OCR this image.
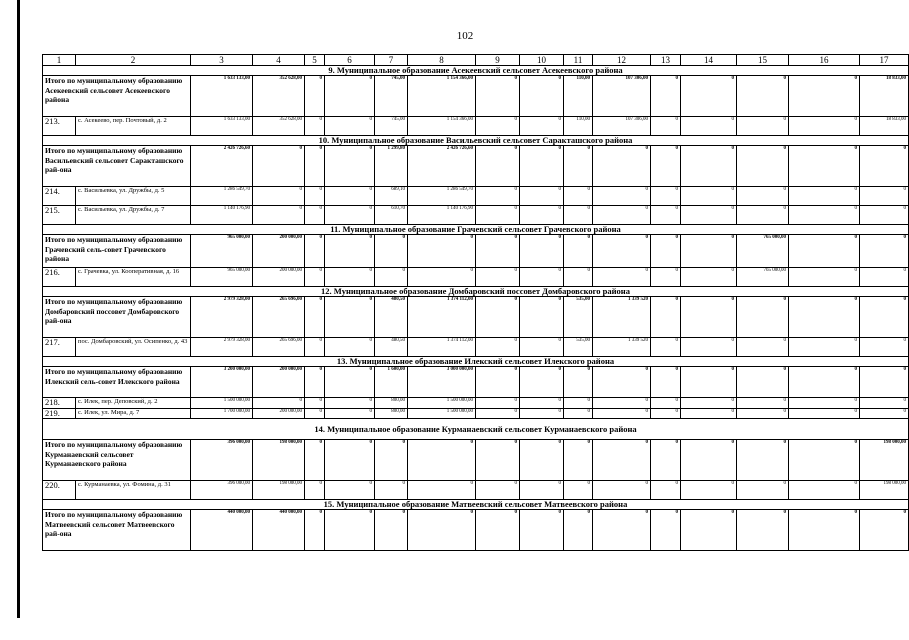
102
1	2	3	4	5	6	7	8	9	10	11	12	13	14	15	16	17
9. Муниципальное образование Асекеевский сельсовет Асекеевского района																
Итого по муниципальному образованию Асекеевский сельсовет Асекеевского района		1 633 133,00	352 628,00	0	0	745,00	1 154 366,00	0	0	110,00	107 306,00	0	0	0	0	18 833,00
213.	с. Асекеево, пер. Почтовый, д. 2	1 633 133,00	352 628,00	0	0	745,00	1 154 366,00	0	0	110,00	107 306,00	0	0	0	0	18 833,00
10. Муниципальное образование Васильевский сельсовет Саракташского района																
Итого по муниципальному образованию Васильевский сельсовет Саракташского рай-она		2 426 726,60	0	0	0	1 299,80	2 426 726,60	0	0	0	0	0	0	0	0	0
214.	с. Васильевка, ул. Дружбы, д. 5	1 286 549,70	0	0	0	689,10	1 286 549,70	0	0	0	0	0	0	0	0	0
215.	с. Васильевка, ул. Дружбы, д. 7	1 140 176,90	0	0	0	610,70	1 140 176,90	0	0	0	0	0	0	0	0	0
11. Муниципальное образование Грачевский сельсовет Грачевского района																
Итого по муниципальному образованию Грачевский сель-совет Грачевского района		965 000,00	200 000,00	0	0	0	0	0	0	0	0	0	0	765 000,00	0	0
216.	с. Грачевка, ул. Кооперативная, д. 16	965 000,00	200 000,00	0	0	0	0	0	0	0	0	0	0	765 000,00	0	0
12. Муниципальное образование Домбаровский поссовет Домбаровского района																
Итого по муниципальному образованию Домбаровский поссовет Домбаровского рай-она		2 979 328,00	265 696,00	0	0	480,50	1 374 112,00	0	0	535,00	1 339 520	0	0	0	0	0
217.	пос. Домбаровский, ул. Осипенко, д. 43	2 979 328,00	265 696,00	0	0	480,50	1 374 112,00	0	0	535,00	1 339 520	0	0	0	0	0
13. Муниципальное образование Илекский сельсовет Илекского района																
Итого по муниципальному образованию Илекский сель-совет Илекского района		3 200 000,00	200 000,00	0	0	1 600,00	3 000 000,00	0	0	0	0	0	0	0	0	0
218.	с. Илек, пер. Деповский, д. 2	1 500 000,00	0	0	0	800,00	1 500 000,00	0	0	0	0	0	0	0	0	0
219.	с. Илек, ул. Мира, д. 7	1 700 000,00	200 000,00	0	0	800,00	1 500 000,00	0	0	0	0	0	0	0	0	0
14. Муниципальное образование Курманаевский сельсовет Курманаевского района																
Итого по муниципальному образованию Курманаевский сельсовет Курманаевского района		396 000,00	198 000,00	0	0	0	0	0	0	0	0	0	0	0	0	198 000,00
220.	с. Курманаевка, ул. Фомина, д. 31	396 000,00	198 000,00	0	0	0	0	0	0	0	0	0	0	0	0	198 000,00
15. Муниципальное образование Матвеевский сельсовет Матвеевского района																
Итого по муниципальному образованию Матвеевский сельсовет Матвеевского рай-она		440 000,00	440 000,00	0	0	0	0	0	0	0	0	0	0	0	0	0
